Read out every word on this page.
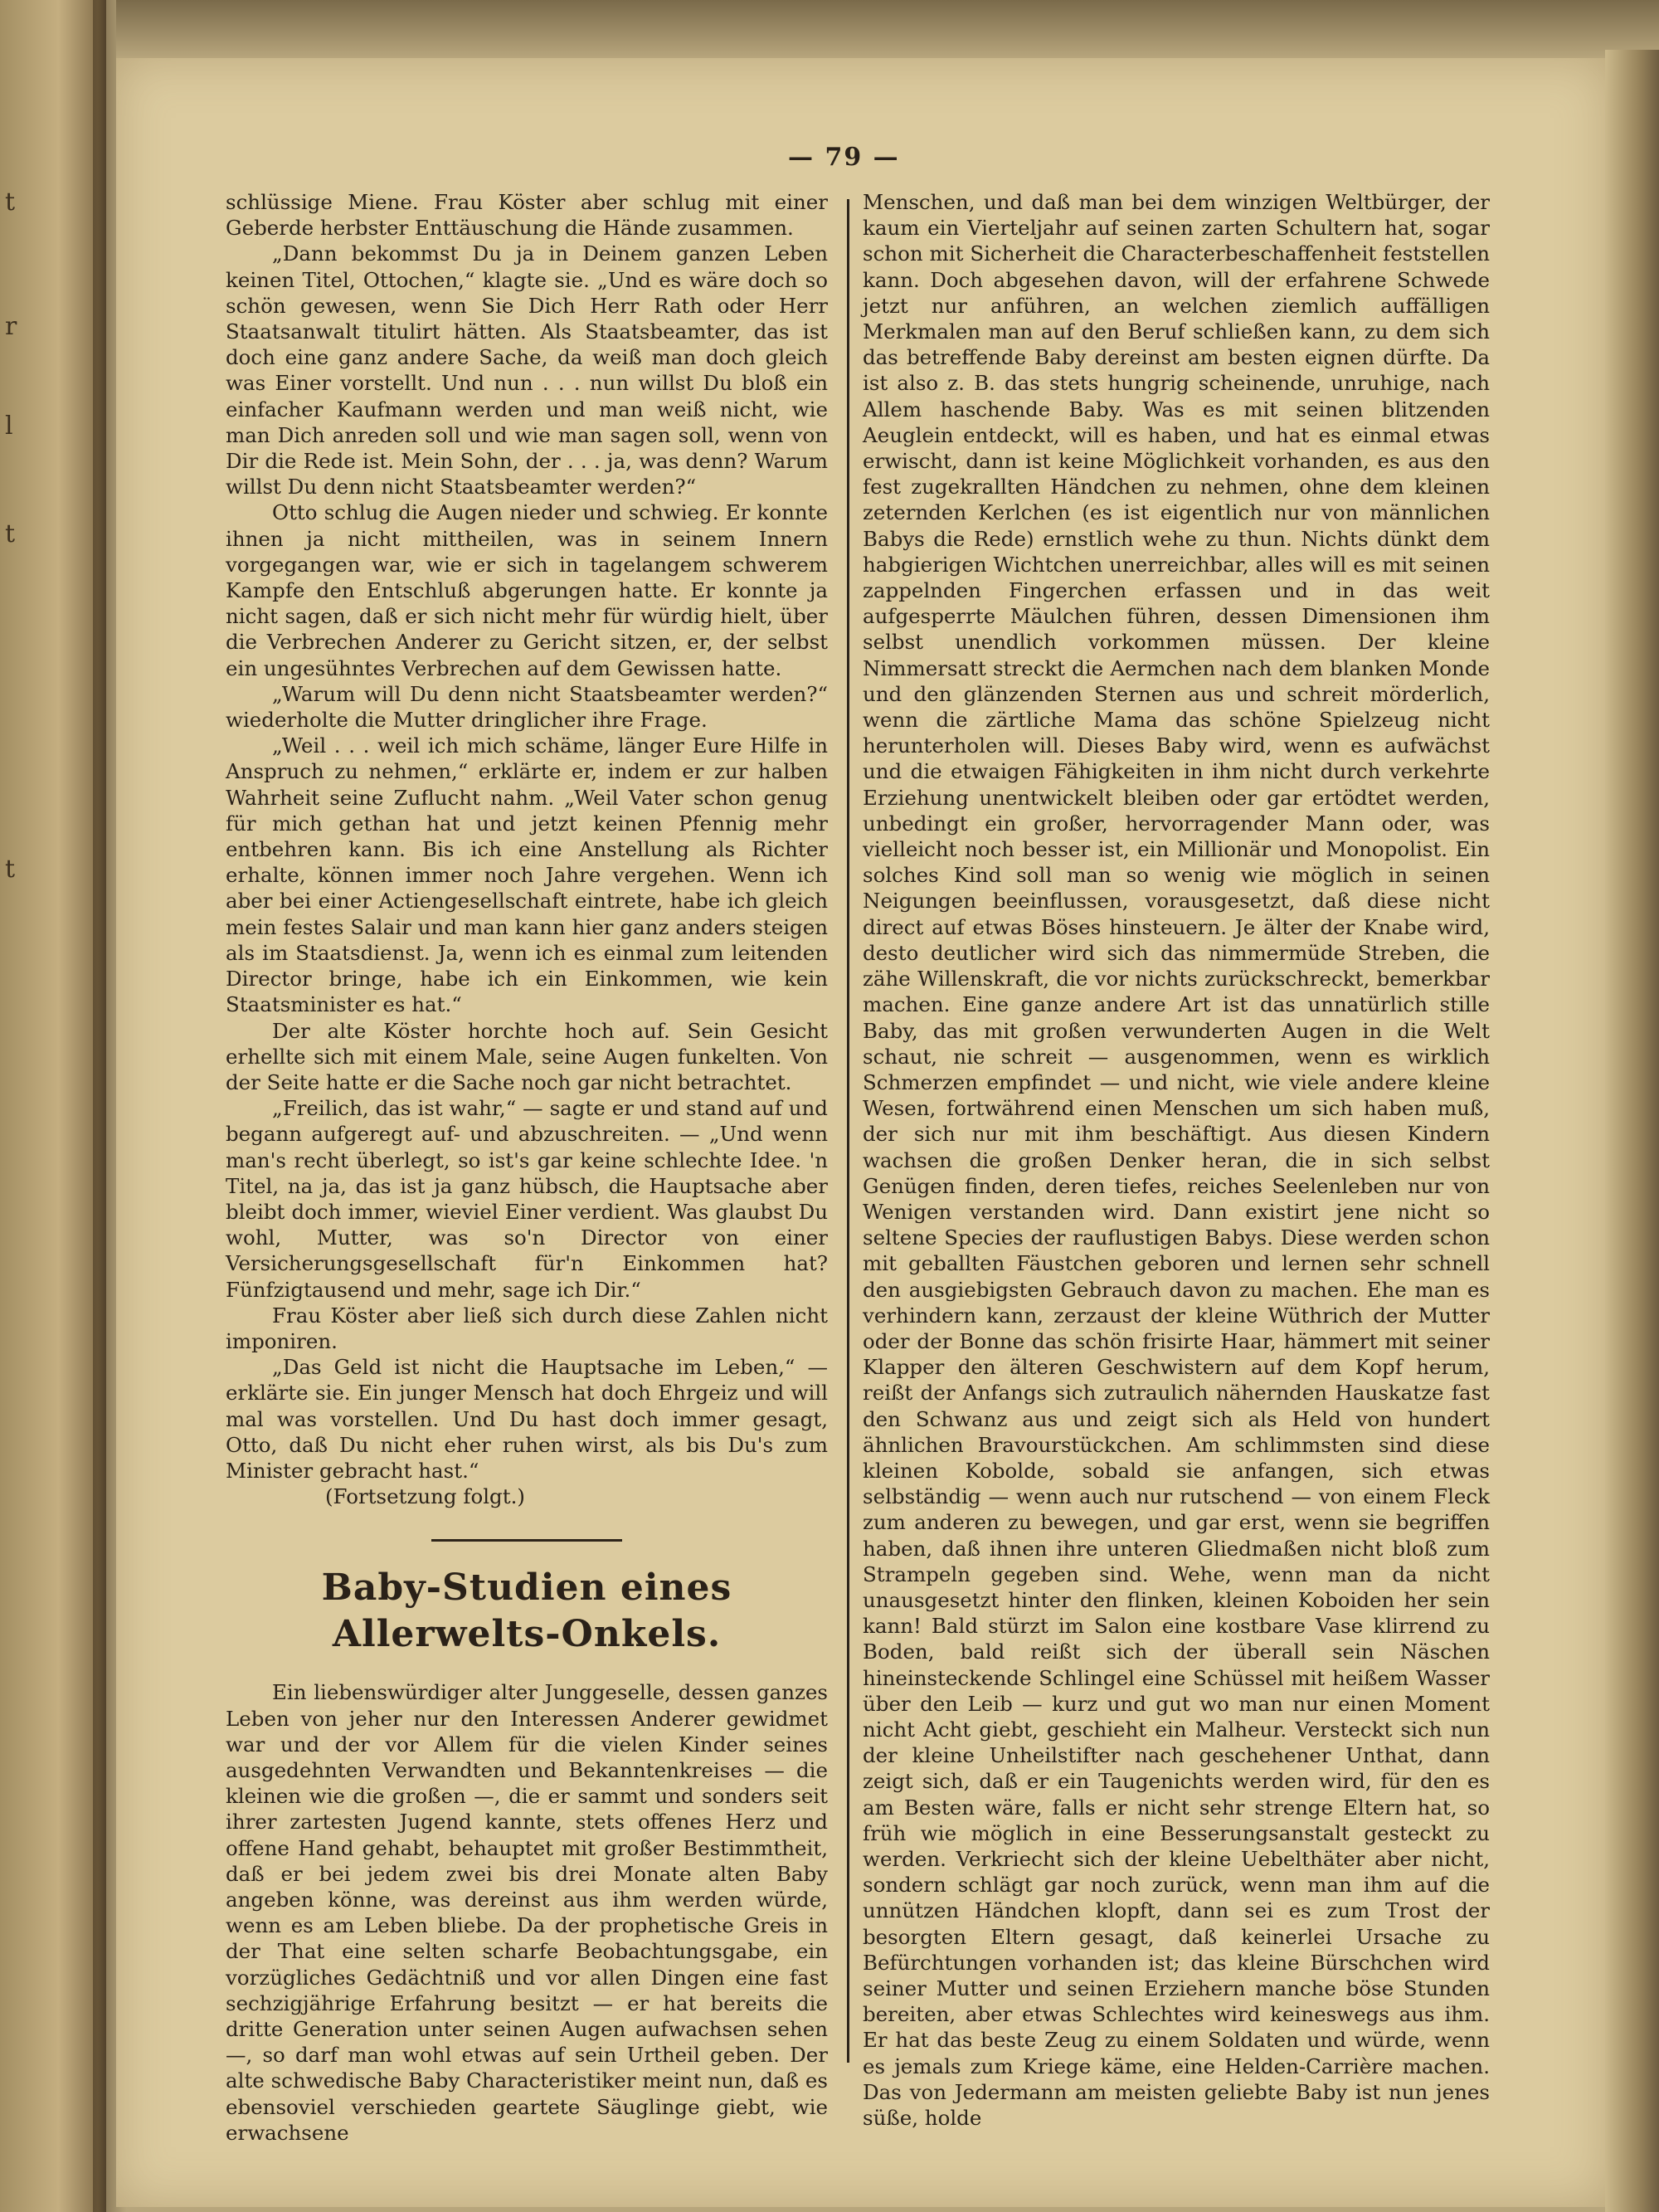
t
r
l
t
t
— 79 —

schlüssige Miene. Frau Köster aber schlug mit einer Geberde herbster Enttäuschung die Hände zusammen.

„Dann bekommst Du ja in Deinem ganzen Leben keinen Titel, Ottochen,“ klagte sie. „Und es wäre doch so schön gewesen, wenn Sie Dich Herr Rath oder Herr Staatsanwalt titulirt hätten. Als Staatsbeamter, das ist doch eine ganz andere Sache, da weiß man doch gleich was Einer vorstellt. Und nun . . . nun willst Du bloß ein einfacher Kaufmann werden und man weiß nicht, wie man Dich anreden soll und wie man sagen soll, wenn von Dir die Rede ist. Mein Sohn, der . . . ja, was denn? Warum willst Du denn nicht Staatsbeamter werden?“

Otto schlug die Augen nieder und schwieg. Er konnte ihnen ja nicht mittheilen, was in seinem Innern vorgegangen war, wie er sich in tagelangem schwerem Kampfe den Entschluß abgerungen hatte. Er konnte ja nicht sagen, daß er sich nicht mehr für würdig hielt, über die Verbrechen Anderer zu Gericht sitzen, er, der selbst ein ungesühntes Verbrechen auf dem Gewissen hatte.

„Warum will Du denn nicht Staatsbeamter werden?“ wiederholte die Mutter dringlicher ihre Frage.

„Weil . . . weil ich mich schäme, länger Eure Hilfe in Anspruch zu nehmen,“ erklärte er, indem er zur halben Wahrheit seine Zuflucht nahm. „Weil Vater schon genug für mich gethan hat und jetzt keinen Pfennig mehr entbehren kann. Bis ich eine Anstellung als Richter erhalte, können immer noch Jahre vergehen. Wenn ich aber bei einer Actiengesellschaft eintrete, habe ich gleich mein festes Salair und man kann hier ganz anders steigen als im Staatsdienst. Ja, wenn ich es einmal zum leitenden Director bringe, habe ich ein Einkommen, wie kein Staatsminister es hat.“

Der alte Köster horchte hoch auf. Sein Gesicht erhellte sich mit einem Male, seine Augen funkelten. Von der Seite hatte er die Sache noch gar nicht betrachtet.

„Freilich, das ist wahr,“ — sagte er und stand auf und begann aufgeregt auf- und abzuschreiten. — „Und wenn man's recht überlegt, so ist's gar keine schlechte Idee. 'n Titel, na ja, das ist ja ganz hübsch, die Hauptsache aber bleibt doch immer, wieviel Einer verdient. Was glaubst Du wohl, Mutter, was so'n Director von einer Versicherungsgesellschaft für'n Einkommen hat? Fünfzigtausend und mehr, sage ich Dir.“

Frau Köster aber ließ sich durch diese Zahlen nicht imponiren.

„Das Geld ist nicht die Hauptsache im Leben,“ — erklärte sie. Ein junger Mensch hat doch Ehrgeiz und will mal was vorstellen. Und Du hast doch immer gesagt, Otto, daß Du nicht eher ruhen wirst, als bis Du's zum Minister gebracht hast.“

(Fortsetzung folgt.)

Baby-Studien eines Allerwelts-Onkels.

Ein liebenswürdiger alter Junggeselle, dessen ganzes Leben von jeher nur den Interessen Anderer gewidmet war und der vor Allem für die vielen Kinder seines ausgedehnten Verwandten und Bekanntenkreises — die kleinen wie die großen —, die er sammt und sonders seit ihrer zartesten Jugend kannte, stets offenes Herz und offene Hand gehabt, behauptet mit großer Bestimmtheit, daß er bei jedem zwei bis drei Monate alten Baby angeben könne, was dereinst aus ihm werden würde, wenn es am Leben bliebe. Da der prophetische Greis in der That eine selten scharfe Beobachtungsgabe, ein vorzügliches Gedächtniß und vor allen Dingen eine fast sechzigjährige Erfahrung besitzt — er hat bereits die dritte Generation unter seinen Augen aufwachsen sehen —, so darf man wohl etwas auf sein Urtheil geben. Der alte schwedische Baby Characteristiker meint nun, daß es ebensoviel verschieden geartete Säuglinge giebt, wie erwachsene

Menschen, und daß man bei dem winzigen Weltbürger, der kaum ein Vierteljahr auf seinen zarten Schultern hat, sogar schon mit Sicherheit die Characterbeschaffenheit feststellen kann. Doch abgesehen davon, will der erfahrene Schwede jetzt nur anführen, an welchen ziemlich auffälligen Merkmalen man auf den Beruf schließen kann, zu dem sich das betreffende Baby dereinst am besten eignen dürfte. Da ist also z. B. das stets hungrig scheinende, unruhige, nach Allem haschende Baby. Was es mit seinen blitzenden Aeuglein entdeckt, will es haben, und hat es einmal etwas erwischt, dann ist keine Möglichkeit vorhanden, es aus den fest zugekrallten Händchen zu nehmen, ohne dem kleinen zeternden Kerlchen (es ist eigentlich nur von männlichen Babys die Rede) ernstlich wehe zu thun. Nichts dünkt dem habgierigen Wichtchen unerreichbar, alles will es mit seinen zappelnden Fingerchen erfassen und in das weit aufgesperrte Mäulchen führen, dessen Dimensionen ihm selbst unendlich vorkommen müssen. Der kleine Nimmersatt streckt die Aermchen nach dem blanken Monde und den glänzenden Sternen aus und schreit mörderlich, wenn die zärtliche Mama das schöne Spielzeug nicht herunterholen will. Dieses Baby wird, wenn es aufwächst und die etwaigen Fähigkeiten in ihm nicht durch verkehrte Erziehung unentwickelt bleiben oder gar ertödtet werden, unbedingt ein großer, hervorragender Mann oder, was vielleicht noch besser ist, ein Millionär und Monopolist. Ein solches Kind soll man so wenig wie möglich in seinen Neigungen beeinflussen, vorausgesetzt, daß diese nicht direct auf etwas Böses hinsteuern. Je älter der Knabe wird, desto deutlicher wird sich das nimmermüde Streben, die zähe Willenskraft, die vor nichts zurückschreckt, bemerkbar machen. Eine ganze andere Art ist das unnatürlich stille Baby, das mit großen verwunderten Augen in die Welt schaut, nie schreit — ausgenommen, wenn es wirklich Schmerzen empfindet — und nicht, wie viele andere kleine Wesen, fortwährend einen Menschen um sich haben muß, der sich nur mit ihm beschäftigt. Aus diesen Kindern wachsen die großen Denker heran, die in sich selbst Genügen finden, deren tiefes, reiches Seelenleben nur von Wenigen verstanden wird. Dann existirt jene nicht so seltene Species der rauflustigen Babys. Diese werden schon mit geballten Fäustchen geboren und lernen sehr schnell den ausgiebigsten Gebrauch davon zu machen. Ehe man es verhindern kann, zerzaust der kleine Wüthrich der Mutter oder der Bonne das schön frisirte Haar, hämmert mit seiner Klapper den älteren Geschwistern auf dem Kopf herum, reißt der Anfangs sich zutraulich nähernden Hauskatze fast den Schwanz aus und zeigt sich als Held von hundert ähnlichen Bravourstückchen. Am schlimmsten sind diese kleinen Kobolde, sobald sie anfangen, sich etwas selbständig — wenn auch nur rutschend — von einem Fleck zum anderen zu bewegen, und gar erst, wenn sie begriffen haben, daß ihnen ihre unteren Gliedmaßen nicht bloß zum Strampeln gegeben sind. Wehe, wenn man da nicht unausgesetzt hinter den flinken, kleinen Koboiden her sein kann! Bald stürzt im Salon eine kostbare Vase klirrend zu Boden, bald reißt sich der überall sein Näschen hineinsteckende Schlingel eine Schüssel mit heißem Wasser über den Leib — kurz und gut wo man nur einen Moment nicht Acht giebt, geschieht ein Malheur. Versteckt sich nun der kleine Unheilstifter nach geschehener Unthat, dann zeigt sich, daß er ein Taugenichts werden wird, für den es am Besten wäre, falls er nicht sehr strenge Eltern hat, so früh wie möglich in eine Besserungsanstalt gesteckt zu werden. Verkriecht sich der kleine Uebelthäter aber nicht, sondern schlägt gar noch zurück, wenn man ihm auf die unnützen Händchen klopft, dann sei es zum Trost der besorgten Eltern gesagt, daß keinerlei Ursache zu Befürchtungen vorhanden ist; das kleine Bürschchen wird seiner Mutter und seinen Erziehern manche böse Stunden bereiten, aber etwas Schlechtes wird keineswegs aus ihm. Er hat das beste Zeug zu einem Soldaten und würde, wenn es jemals zum Kriege käme, eine Helden-Carrière machen. Das von Jedermann am meisten geliebte Baby ist nun jenes süße, holde
